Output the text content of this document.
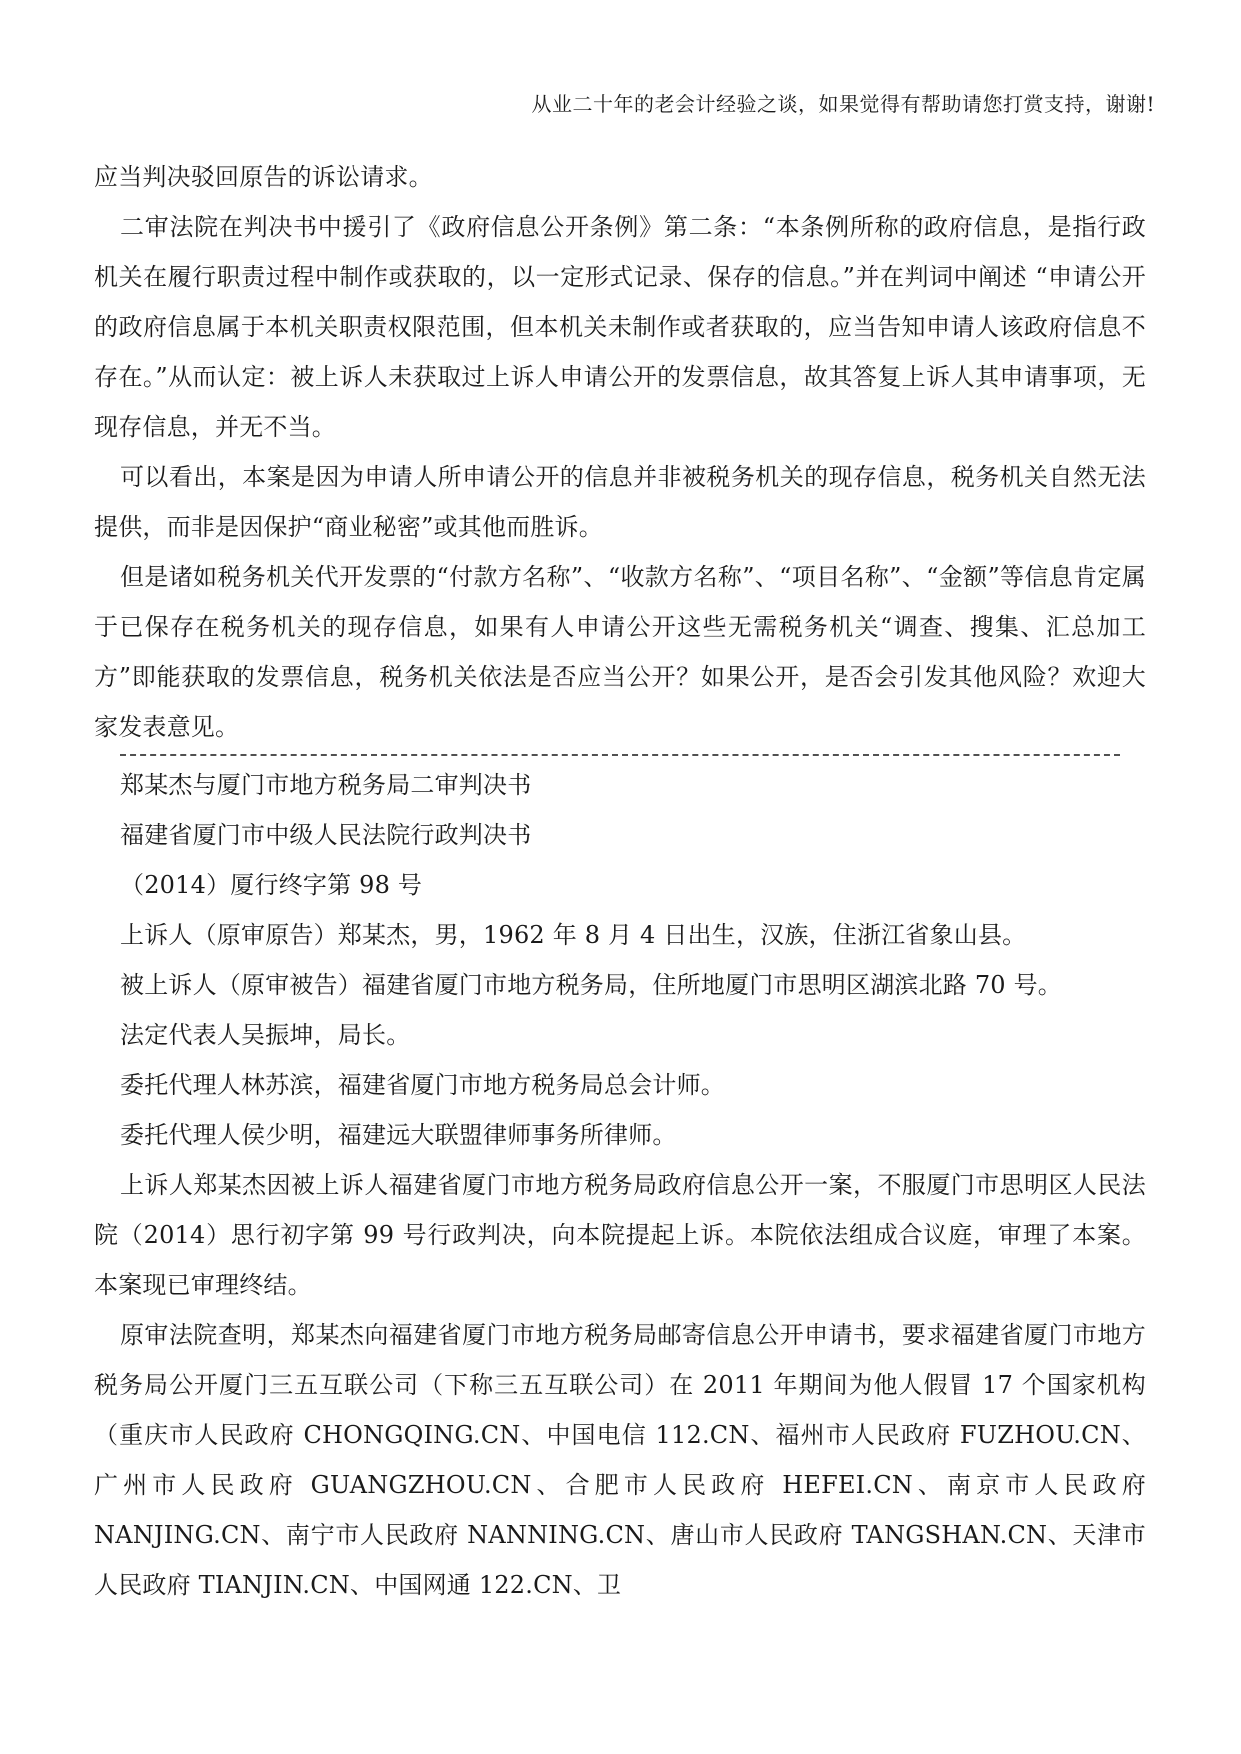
从业二十年的老会计经验之谈，如果觉得有帮助请您打赏支持，谢谢!

应当判决驳回原告的诉讼请求。

二审法院在判决书中援引了《政府信息公开条例》第二条：“本条例所称的政府信息，是指行政机关在履行职责过程中制作或获取的，以一定形式记录、保存的信息。”并在判词中阐述 “申请公开的政府信息属于本机关职责权限范围，但本机关未制作或者获取的，应当告知申请人该政府信息不存在。”从而认定：被上诉人未获取过上诉人申请公开的发票信息，故其答复上诉人其申请事项，无现存信息，并无不当。

可以看出，本案是因为申请人所申请公开的信息并非被税务机关的现存信息，税务机关自然无法提供，而非是因保护“商业秘密”或其他而胜诉。

但是诸如税务机关代开发票的“付款方名称”、“收款方名称”、“项目名称”、“金额”等信息肯定属于已保存在税务机关的现存信息，如果有人申请公开这些无需税务机关“调查、搜集、汇总加工方”即能获取的发票信息，税务机关依法是否应当公开？如果公开，是否会引发其他风险？欢迎大家发表意见。

郑某杰与厦门市地方税务局二审判决书

福建省厦门市中级人民法院行政判决书

（2014）厦行终字第 98 号

上诉人（原审原告）郑某杰，男，1962 年 8 月 4 日出生，汉族，住浙江省象山县。

被上诉人（原审被告）福建省厦门市地方税务局，住所地厦门市思明区湖滨北路 70 号。

法定代表人吴振坤，局长。

委托代理人林苏滨，福建省厦门市地方税务局总会计师。

委托代理人侯少明，福建远大联盟律师事务所律师。

上诉人郑某杰因被上诉人福建省厦门市地方税务局政府信息公开一案，不服厦门市思明区人民法院（2014）思行初字第 99 号行政判决，向本院提起上诉。本院依法组成合议庭，审理了本案。本案现已审理终结。

原审法院查明，郑某杰向福建省厦门市地方税务局邮寄信息公开申请书，要求福建省厦门市地方税务局公开厦门三五互联公司（下称三五互联公司）在 2011 年期间为他人假冒 17 个国家机构（重庆市人民政府 CHONGQING.CN、中国电信 112.CN、福州市人民政府 FUZHOU.CN、广州市人民政府 GUANGZHOU.CN、合肥市人民政府 HEFEI.CN、南京市人民政府 NANJING.CN、南宁市人民政府 NANNING.CN、唐山市人民政府 TANGSHAN.CN、天津市人民政府 TIANJIN.CN、中国网通 122.CN、卫
